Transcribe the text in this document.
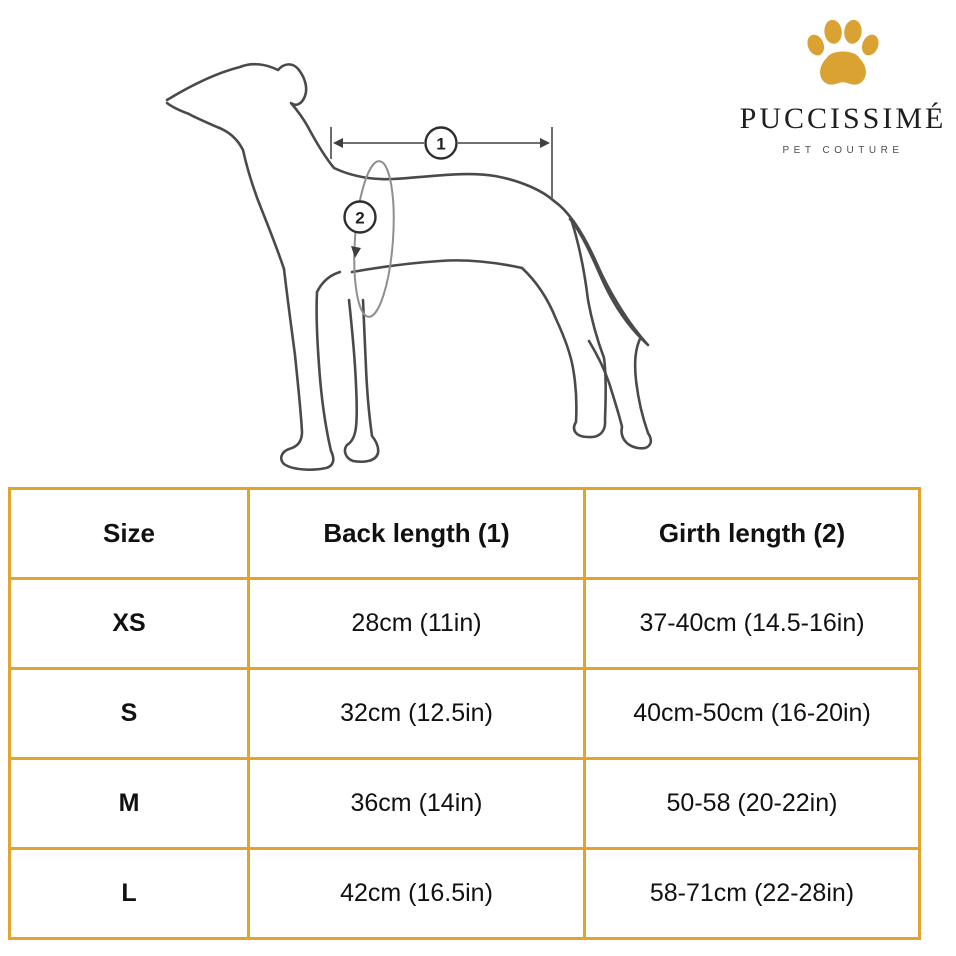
1
2
PUCCISSIMÉ
PET COUTURE
Size	Back length (1)	Girth length (2)
XS	28cm (11in)	37-40cm (14.5-16in)
S	32cm (12.5in)	40cm-50cm (16-20in)
M	36cm (14in)	50-58 (20-22in)
L	42cm (16.5in)	58-71cm (22-28in)
